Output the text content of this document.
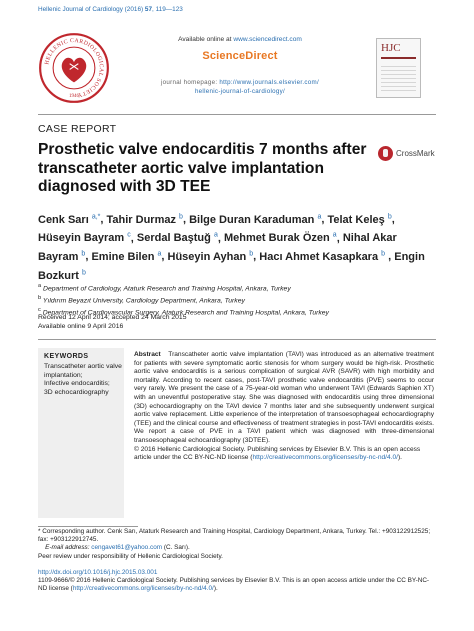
Hellenic Journal of Cardiology (2016) 57, 119—123
HELLENIC CARDIOLOGICAL SOCIETY
1946
Available online at www.sciencedirect.com
ScienceDirect
journal homepage: http://www.journals.elsevier.com/
hellenic-journal-of-cardiology/
HJC
CASE REPORT
Prosthetic valve endocarditis 7 months after transcatheter aortic valve implantation diagnosed with 3D TEE
CrossMark
Cenk Sarı $^{a,*}$, Tahir Durmaz $^b$, Bilge Duran Karaduman $^a$, Telat Keleş $^b$, Hüseyin Bayram $^c$, Serdal Baştuğ $^a$, Mehmet Burak Özen $^a$, Nihal Akar Bayram $^b$, Emine Bilen $^a$, Hüseyin Ayhan $^b$, Hacı Ahmet Kasapkara $^b$ , Engin Bozkurt $^b$
$^a$ Department of Cardiology, Ataturk Research and Training Hospital, Ankara, Turkey
$^b$ Yıldırım Beyazıt University, Cardiology Department, Ankara, Turkey
$^c$ Department of Cardiovascular Surgery, Ataturk Research and Training Hospital, Ankara, Turkey
Received 12 April 2014; accepted 24 March 2015
Available online 9 April 2016
KEYWORDS
Transcatheter aortic valve implantation;
Infective endocarditis;
3D echocardiography
Abstract Transcatheter aortic valve implantation (TAVI) was introduced as an alternative treatment for patients with severe symptomatic aortic stenosis for whom surgery would be high-risk. Prosthetic aortic valve endocarditis is a serious complication of surgical AVR (SAVR) with high morbidity and mortality. According to recent cases, post-TAVI prosthetic valve endocarditis (PVE) seems to occur very rarely. We present the case of a 75-year-old woman who underwent TAVI (Edwards Saphien XT) with an uneventful postoperative stay. She was diagnosed with endocarditis using three dimensional (3D) echocardiography on the TAVI device 7 months later and she subsequently underwent surgical aortic valve replacement. Little experience of the interpretation of transoesophageal echocardiography (TEE) and the clinical course and effectiveness of treatment strategies in post-TAVI endocarditis exists. We report a case of PVE in a TAVI patient which was diagnosed with three-dimensional transoesophageal echocardiography (3DTEE).
© 2016 Hellenic Cardiological Society. Publishing services by Elsevier B.V. This is an open access article under the CC BY-NC-ND license (http://creativecommons.org/licenses/by-nc-nd/4.0/).
* Corresponding author. Cenk Sarı, Ataturk Research and Training Hospital, Cardiology Department, Ankara, Turkey. Tel.: +903122912525; fax: +903122912745.
E-mail address: cengavet61@yahoo.com (C. Sarı).
Peer review under responsibility of Hellenic Cardiological Society.
http://dx.doi.org/10.1016/j.hjc.2015.03.001
1109-9666/© 2016 Hellenic Cardiological Society. Publishing services by Elsevier B.V. This is an open access article under the CC BY-NC-ND license (http://creativecommons.org/licenses/by-nc-nd/4.0/).
